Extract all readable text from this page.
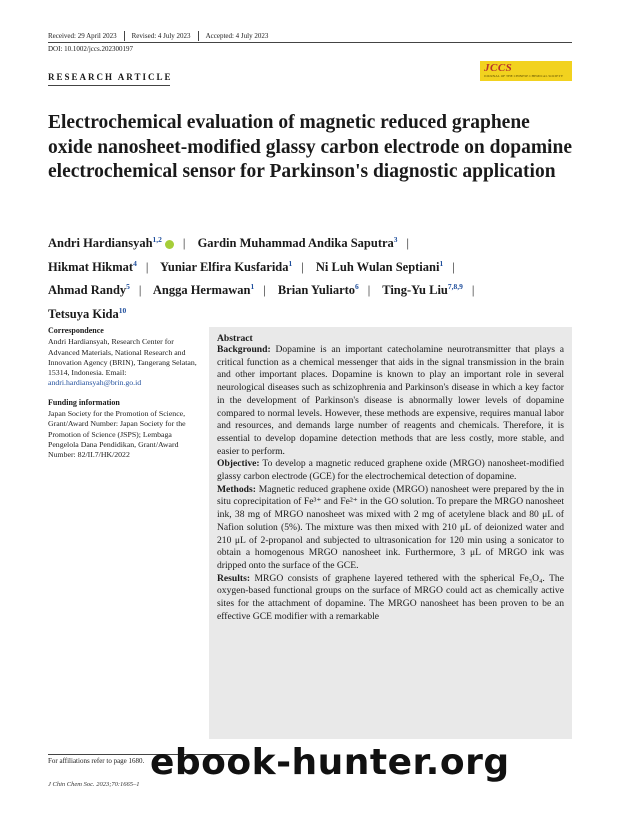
Received: 29 April 2023	Revised: 4 July 2023	Accepted: 4 July 2023
DOI: 10.1002/jccs.202300197
RESEARCH ARTICLE
JCCS
JOURNAL OF THE CHINESE CHEMICAL SOCIETY
Electrochemical evaluation of magnetic reduced graphene oxide nanosheet-modified glassy carbon electrode on dopamine electrochemical sensor for Parkinson's diagnostic application
Andri Hardiansyah$^{1,2}$ | Gardin Muhammad Andika Saputra$^3$ |
Hikmat Hikmat$^4$ | Yuniar Elfira Kusfarida$^1$ | Ni Luh Wulan Septiani$^1$ |
Ahmad Randy$^5$ | Angga Hermawan$^1$ | Brian Yuliarto$^6$ | Ting-Yu Liu$^{7,8,9}$ |
Tetsuya Kida$^{10}$
Correspondence
Andri Hardiansyah, Research Center for Advanced Materials, National Research and Innovation Agency (BRIN), Tangerang Selatan, 15314, Indonesia. Email: andri.hardiansyah@brin.go.id
Funding information
Japan Society for the Promotion of Science, Grant/Award Number: Japan Society for the Promotion of Science (JSPS); Lembaga Pengelola Dana Pendidikan, Grant/Award Number: 82/II.7/HK/2022
Abstract

Background: Dopamine is an important catecholamine neurotransmitter that plays a critical function as a chemical messenger that aids in the signal transmission in the brain and other important places. Dopamine is known to play an important role in several neurological diseases such as schizophrenia and Parkinson's disease in which a key factor in the development of Parkinson's disease is abnormally lower levels of dopamine compared to normal levels. However, these methods are expensive, requires manual labor and resources, and demands large number of reagents and chemicals. Therefore, it is essential to develop dopamine detection methods that are less costly, more stable, and easier to perform.

Objective: To develop a magnetic reduced graphene oxide (MRGO) nanosheet-modified glassy carbon electrode (GCE) for the electrochemical detection of dopamine.

Methods: Magnetic reduced graphene oxide (MRGO) nanosheet were prepared by the in situ coprecipitation of Fe³⁺ and Fe²⁺ in the GO solution. To prepare the MRGO nanosheet ink, 38 mg of MRGO nanosheet was mixed with 2 mg of acetylene black and 80 μL of Nafion solution (5%). The mixture was then mixed with 210 μL of deionized water and 210 μL of 2-propanol and subjected to ultrasonication for 120 min using a sonicator to obtain a homogenous MRGO nanosheet ink. Furthermore, 3 μL of MRGO ink was dripped onto the surface of the GCE.

Results: MRGO consists of graphene layered tethered with the spherical Fe₃O₄. The oxygen-based functional groups on the surface of MRGO could act as chemically active sites for the attachment of dopamine. The MRGO nanosheet has been proven to be an effective GCE modifier with a remarkable

For affiliations refer to page 1680.
J Chin Chem Soc. 2023;70:1665–1
ebook-hunter.org
